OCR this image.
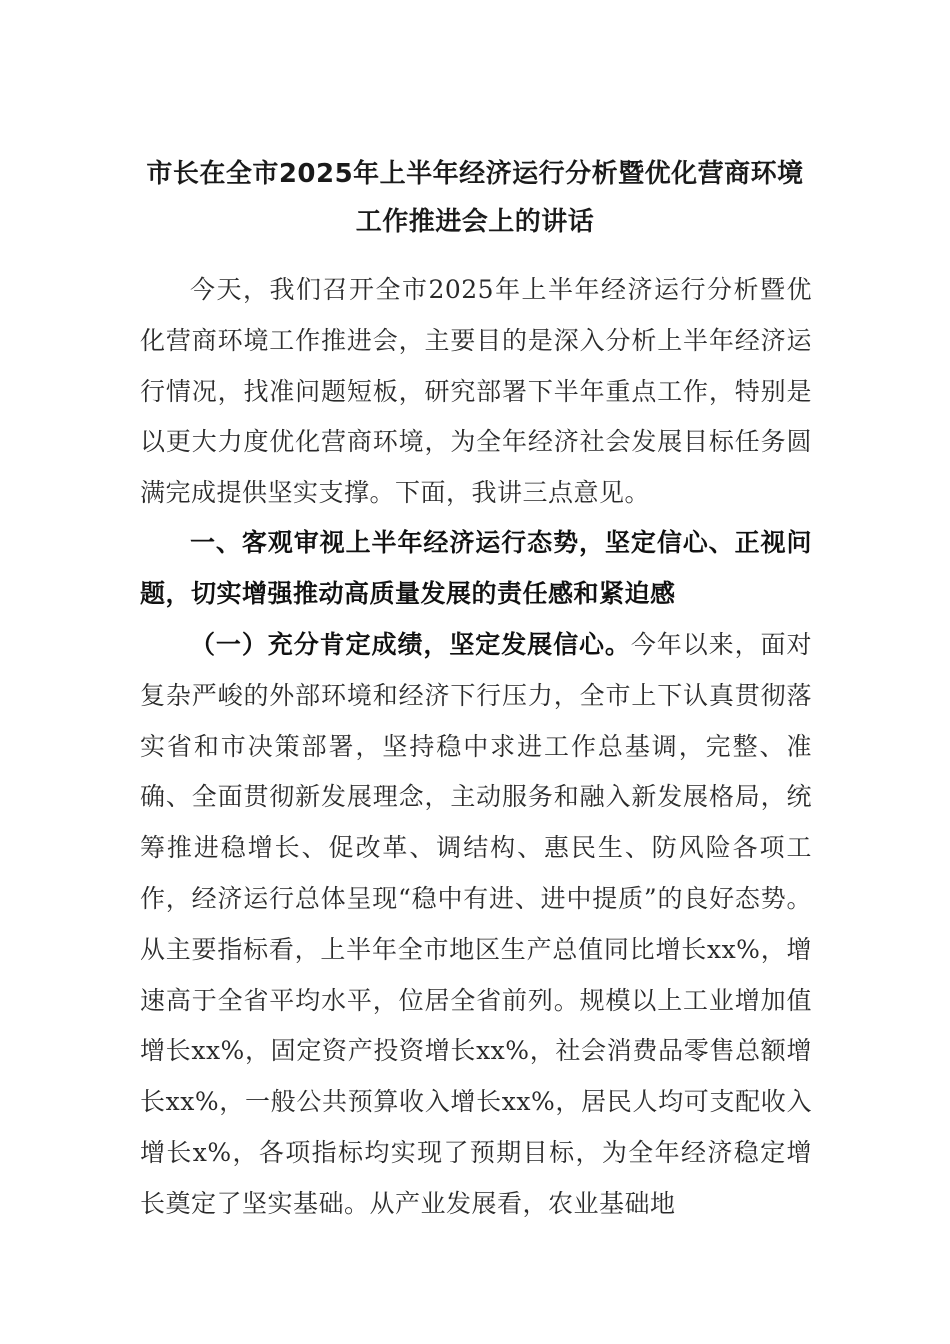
市长在全市2025年上半年经济运行分析暨优化营商环境工作推进会上的讲话

今天，我们召开全市2025年上半年经济运行分析暨优化营商环境工作推进会，主要目的是深入分析上半年经济运行情况，找准问题短板，研究部署下半年重点工作，特别是以更大力度优化营商环境，为全年经济社会发展目标任务圆满完成提供坚实支撑。下面，我讲三点意见。

一、客观审视上半年经济运行态势，坚定信心、正视问题，切实增强推动高质量发展的责任感和紧迫感

（一）充分肯定成绩，坚定发展信心。今年以来，面对复杂严峻的外部环境和经济下行压力，全市上下认真贯彻落实省和市决策部署，坚持稳中求进工作总基调，完整、准确、全面贯彻新发展理念，主动服务和融入新发展格局，统筹推进稳增长、促改革、调结构、惠民生、防风险各项工作，经济运行总体呈现“稳中有进、进中提质”的良好态势。从主要指标看，上半年全市地区生产总值同比增长xx%，增速高于全省平均水平，位居全省前列。规模以上工业增加值增长xx%，固定资产投资增长xx%，社会消费品零售总额增长xx%，一般公共预算收入增长xx%，居民人均可支配收入增长x%，各项指标均实现了预期目标，为全年经济稳定增长奠定了坚实基础。从产业发展看，农业基础地
